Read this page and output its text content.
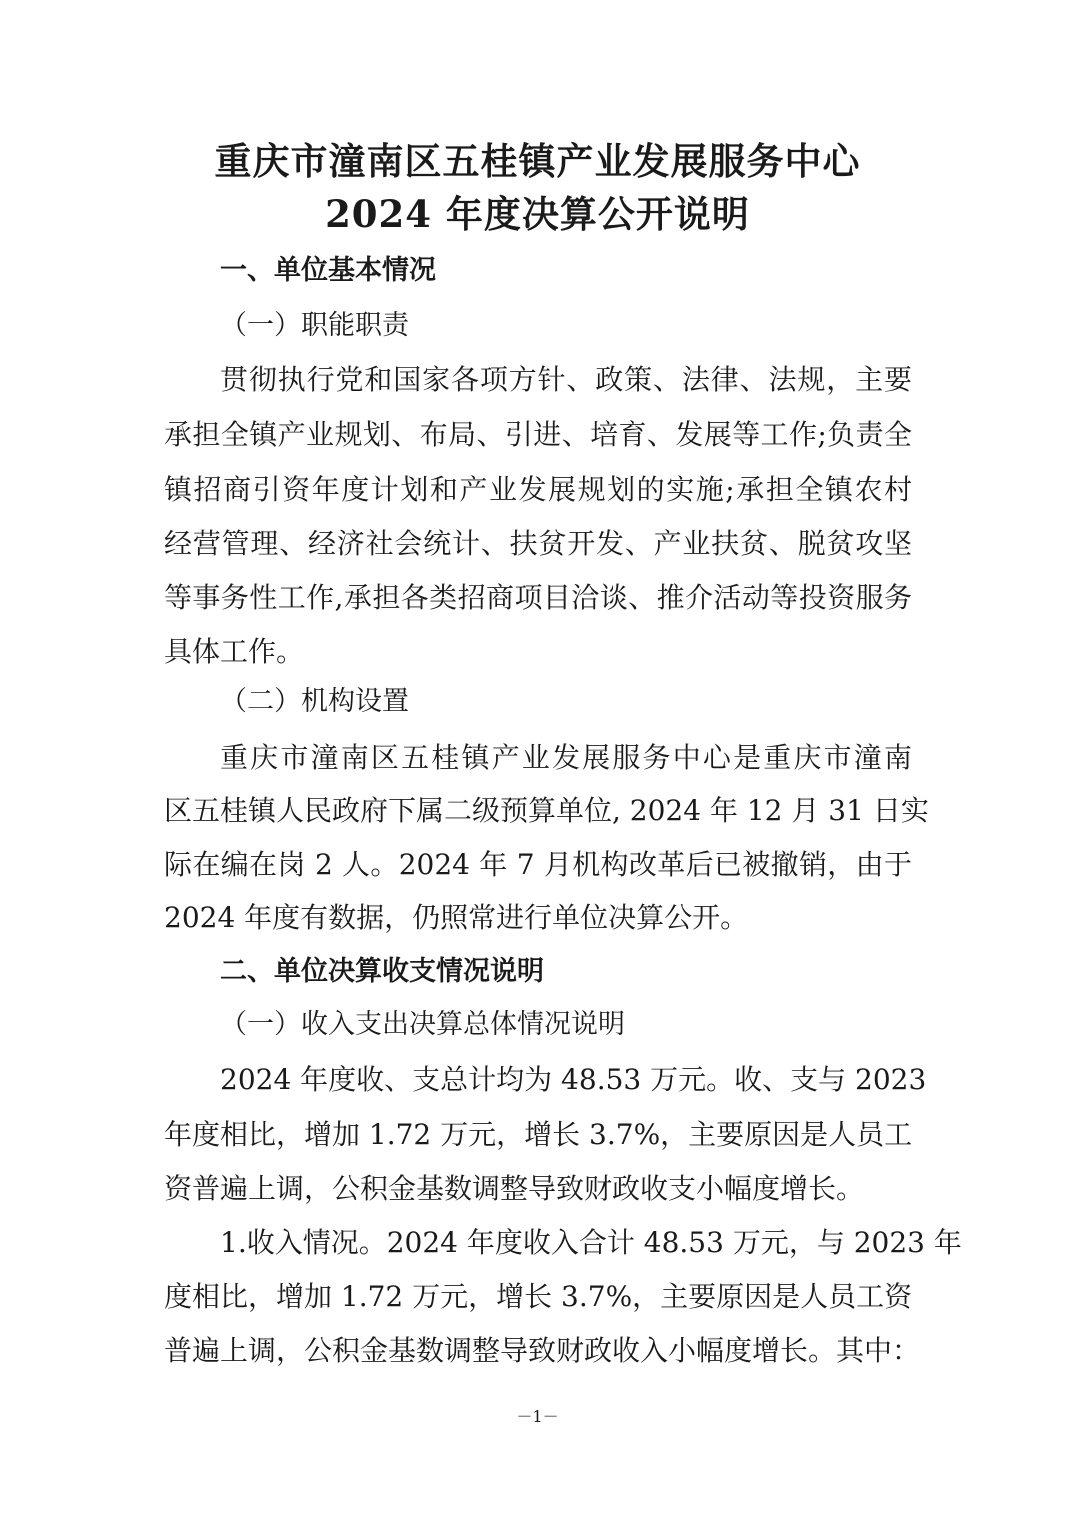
重庆市潼南区五桂镇产业发展服务中心
2024 年度决算公开说明
一、单位基本情况
（一）职能职责
贯彻执行党和国家各项方针、政策、法律、法规，主要
承担全镇产业规划、布局、引进、培育、发展等工作;负责全
镇招商引资年度计划和产业发展规划的实施;承担全镇农村
经营管理、经济社会统计、扶贫开发、产业扶贫、脱贫攻坚
等事务性工作,承担各类招商项目洽谈、推介活动等投资服务
具体工作。
（二）机构设置
重庆市潼南区五桂镇产业发展服务中心是重庆市潼南
区五桂镇人民政府下属二级预算单位, 2024 年 12 月 31 日实
际在编在岗 2 人。2024 年 7 月机构改革后已被撤销，由于
2024 年度有数据，仍照常进行单位决算公开。
二、单位决算收支情况说明
（一）收入支出决算总体情况说明
2024 年度收、支总计均为 48.53 万元。收、支与 2023
年度相比，增加 1.72 万元，增长 3.7%，主要原因是人员工
资普遍上调，公积金基数调整导致财政收支小幅度增长。
1.收入情况。2024 年度收入合计 48.53 万元，与 2023 年
度相比，增加 1.72 万元，增长 3.7%，主要原因是人员工资
普遍上调，公积金基数调整导致财政收入小幅度增长。其中：
－1－
